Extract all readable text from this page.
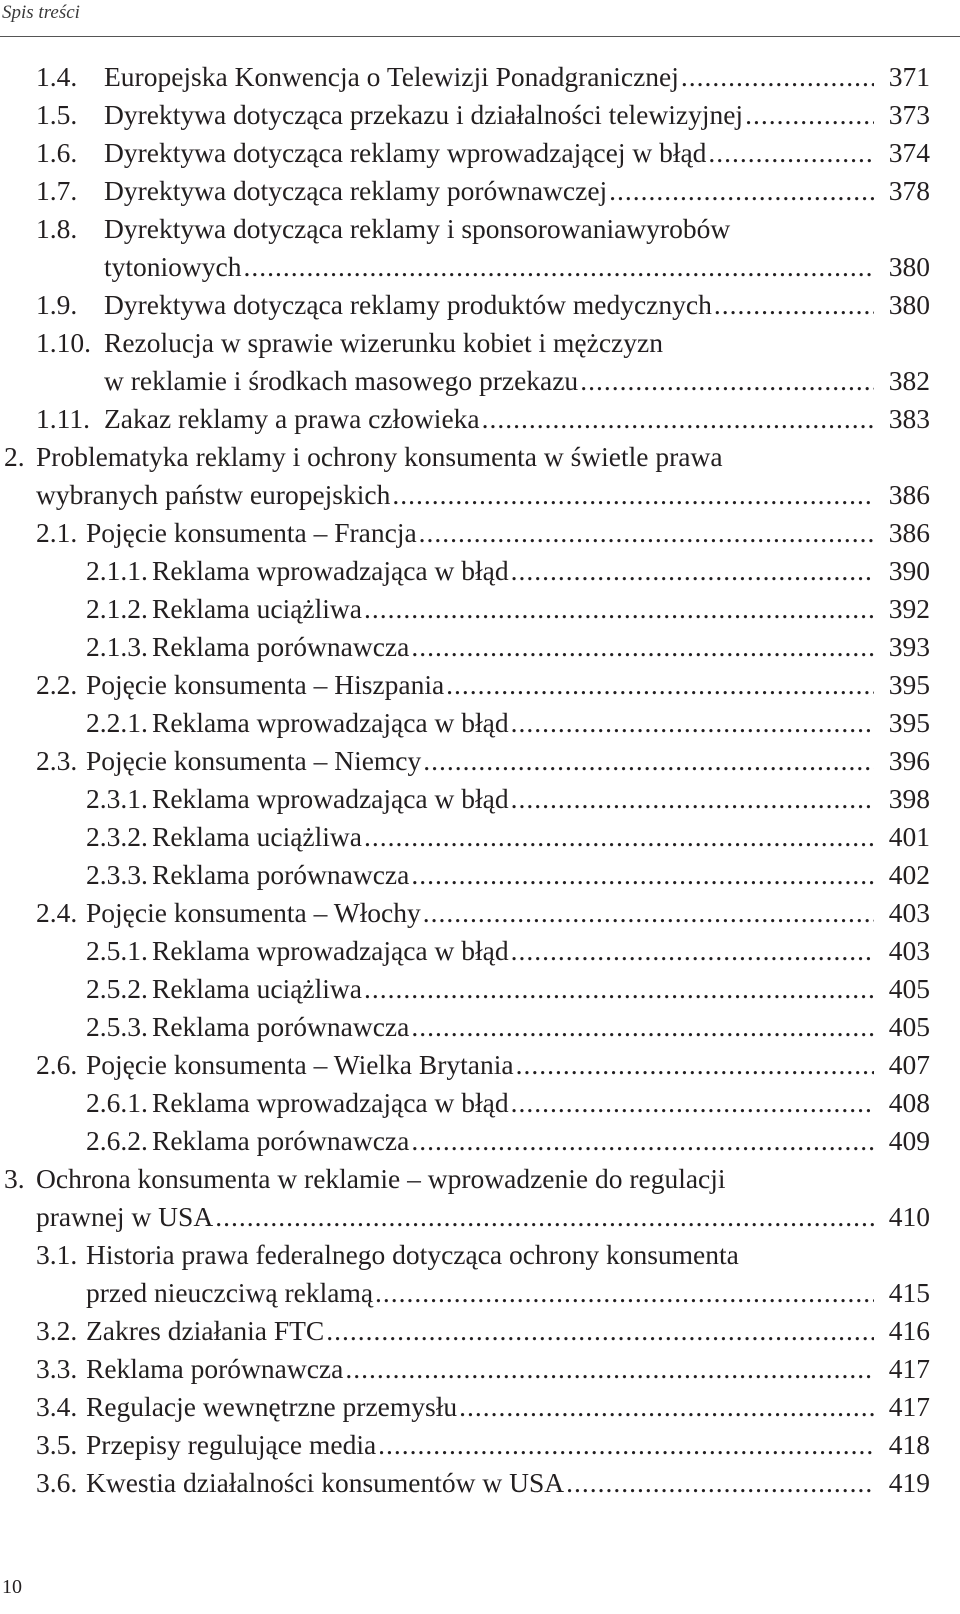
Spis treści
1.4. Europejska Konwencja o Telewizji Ponadgranicznej .....	371
1.5. Dyrektywa dotycząca przekazu i działalności telewizyjnej .....	373
1.6. Dyrektywa dotycząca reklamy wprowadzającej w błąd .....	374
1.7. Dyrektywa dotycząca reklamy porównawczej .....	378
1.8. Dyrektywa dotycząca reklamy i sponsorowaniawyrobów
tytoniowych .....	380
1.9. Dyrektywa dotycząca reklamy produktów medycznych .....	380
1.10. Rezolucja w sprawie wizerunku kobiet i mężczyzn
w reklamie i środkach masowego przekazu .....	382
1.11. Zakaz reklamy a prawa człowieka .....	383
2. Problematyka reklamy i ochrony konsumenta w świetle prawa
wybranych państw europejskich .....	386
2.1. Pojęcie konsumenta – Francja .....	386
2.1.1. Reklama wprowadzająca w błąd .....	390
2.1.2. Reklama uciążliwa .....	392
2.1.3. Reklama porównawcza .....	393
2.2. Pojęcie konsumenta – Hiszpania .....	395
2.2.1. Reklama wprowadzająca w błąd .....	395
2.3. Pojęcie konsumenta – Niemcy .....	396
2.3.1. Reklama wprowadzająca w błąd .....	398
2.3.2. Reklama uciążliwa .....	401
2.3.3. Reklama porównawcza .....	402
2.4. Pojęcie konsumenta – Włochy .....	403
2.5.1. Reklama wprowadzająca w błąd .....	403
2.5.2. Reklama uciążliwa .....	405
2.5.3. Reklama porównawcza .....	405
2.6. Pojęcie konsumenta – Wielka Brytania .....	407
2.6.1. Reklama wprowadzająca w błąd .....	408
2.6.2. Reklama porównawcza .....	409
3. Ochrona konsumenta w reklamie – wprowadzenie do regulacji
prawnej w USA .....	410
3.1. Historia prawa federalnego dotycząca ochrony konsumenta
przed nieuczciwą reklamą .....	415
3.2. Zakres działania FTC .....	416
3.3. Reklama porównawcza .....	417
3.4. Regulacje wewnętrzne przemysłu .....	417
3.5. Przepisy regulujące media .....	418
3.6. Kwestia działalności konsumentów w USA .....	419
10
